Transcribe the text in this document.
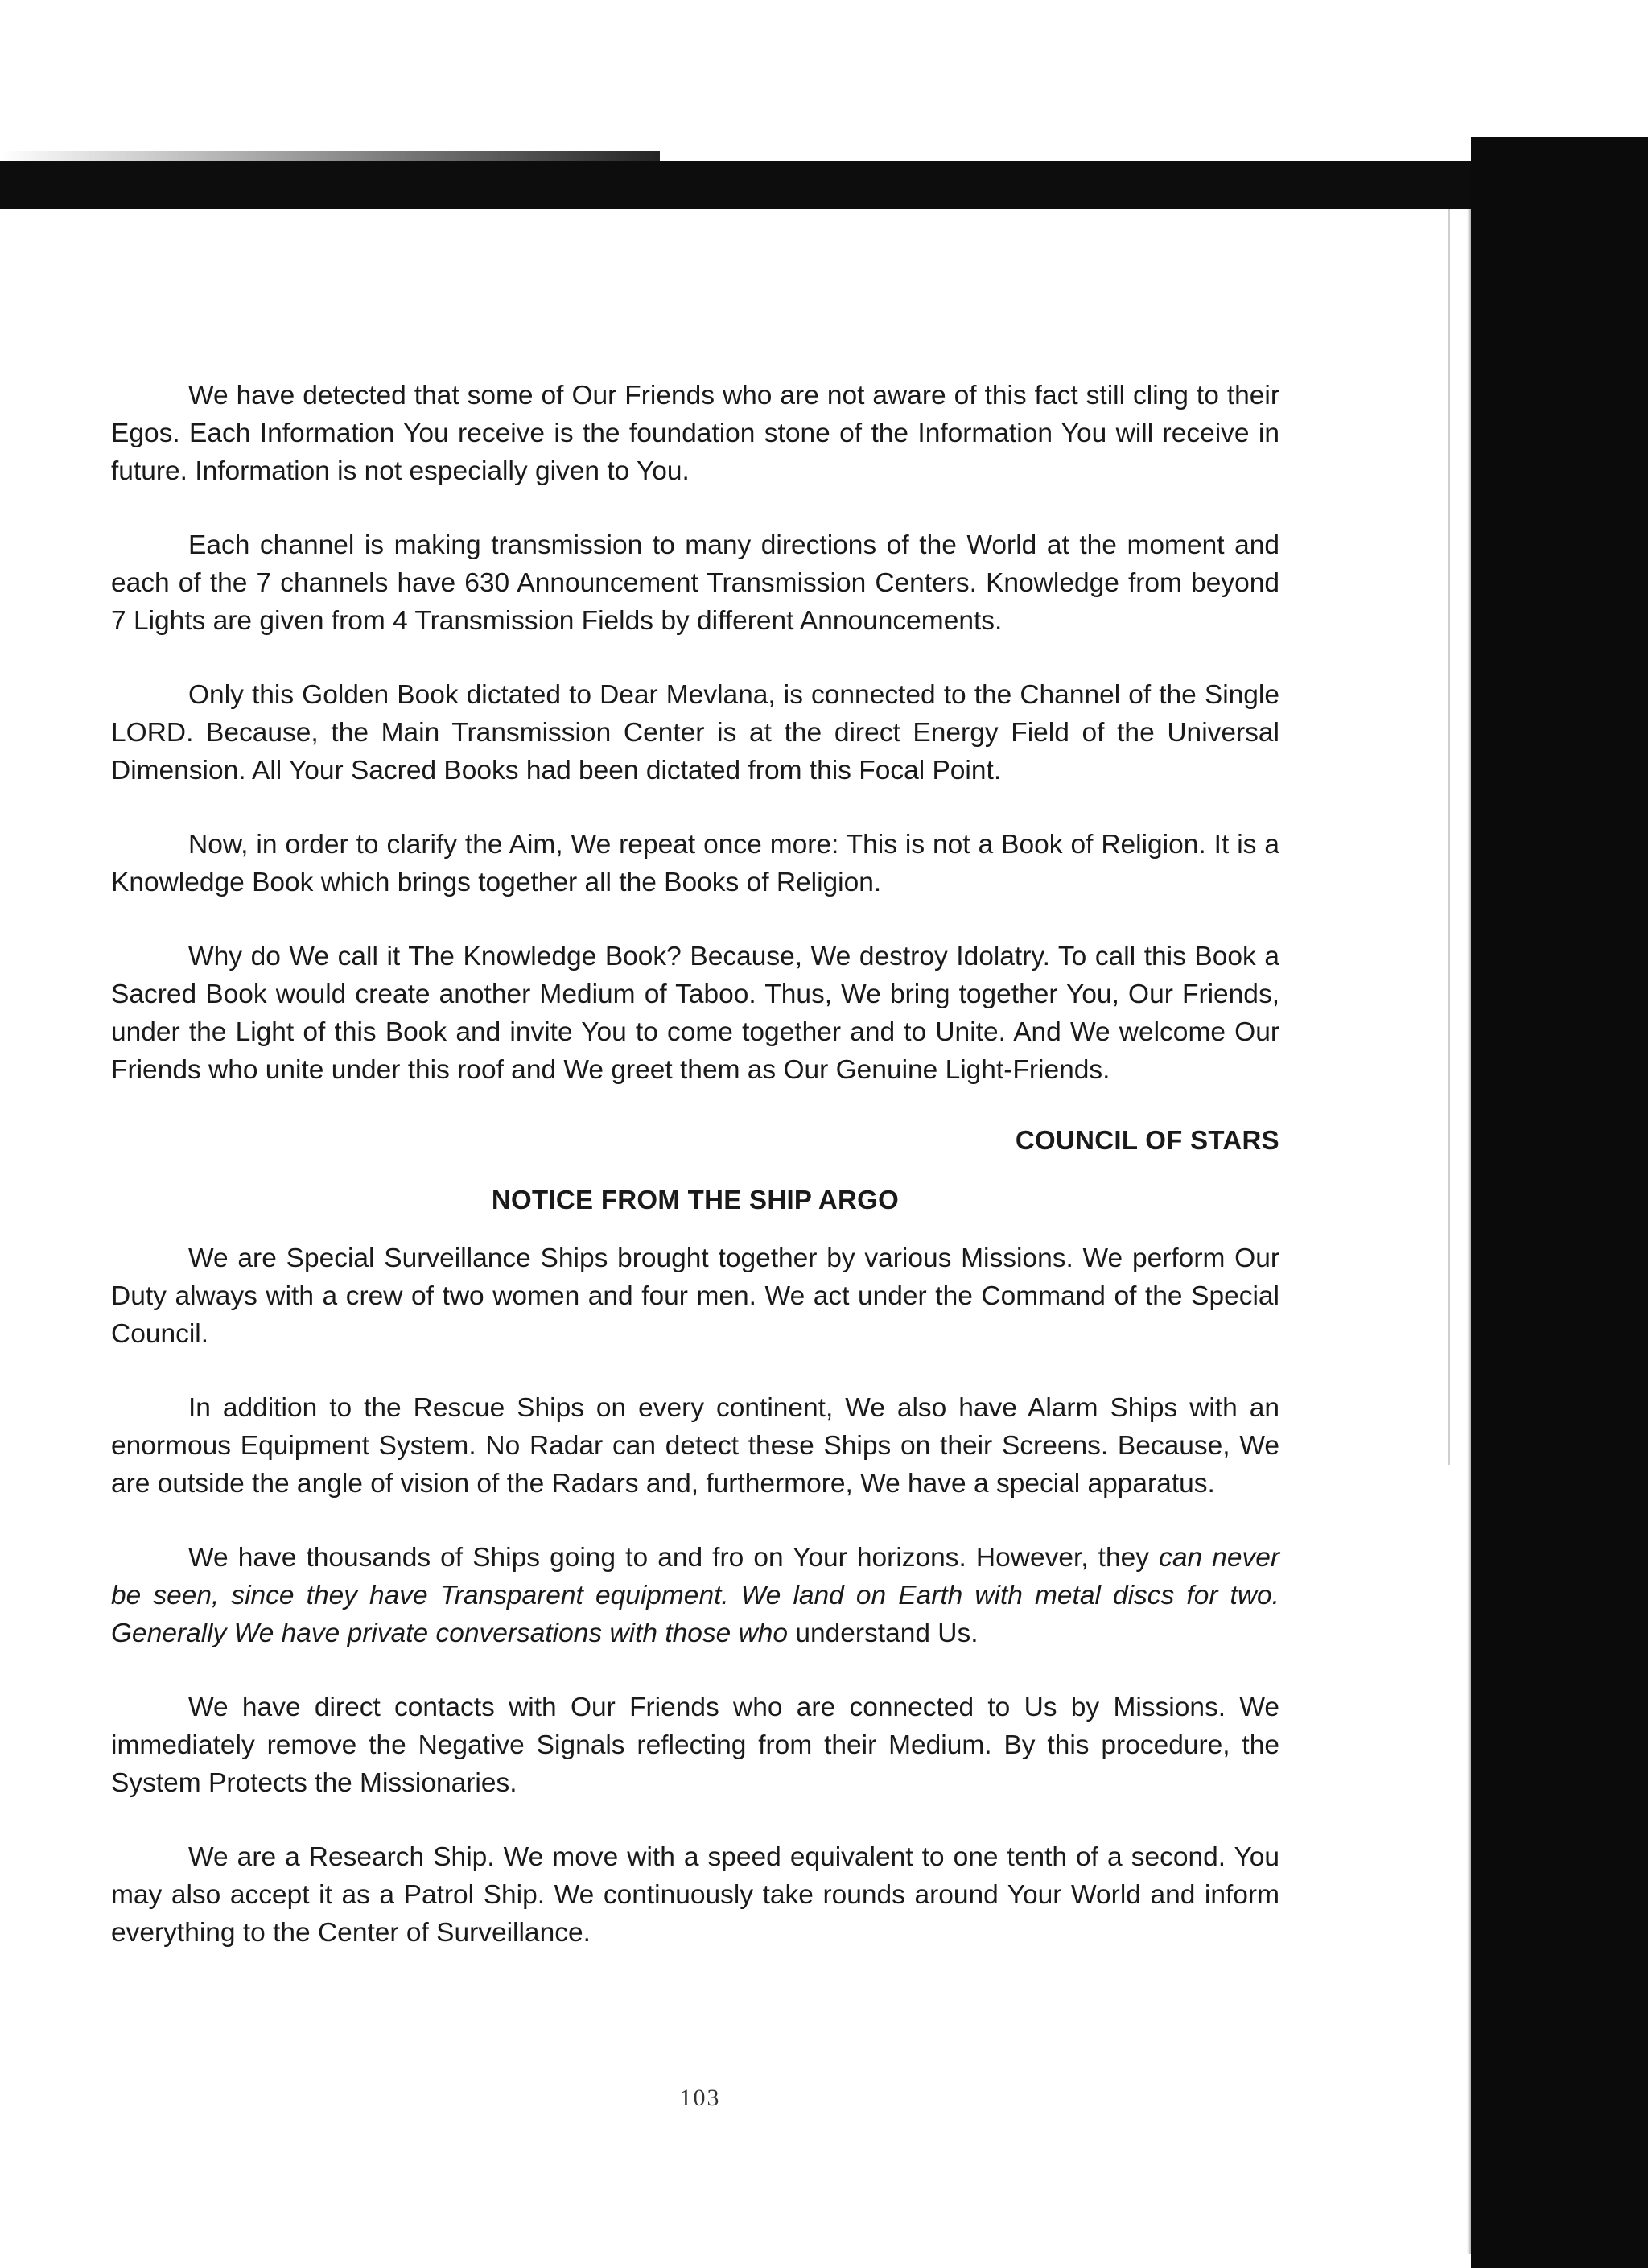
We have detected that some of Our Friends who are not aware of this fact still cling to their Egos. Each Information You receive is the foundation stone of the Information You will receive in future. Information is not especially given to You.

Each channel is making transmission to many directions of the World at the moment and each of the 7 channels have 630 Announcement Transmission Centers. Knowledge from beyond 7 Lights are given from 4 Transmission Fields by different Announcements.

Only this Golden Book dictated to Dear Mevlana, is connected to the Channel of the Single LORD. Because, the Main Transmission Center is at the direct Energy Field of the Universal Dimension. All Your Sacred Books had been dictated from this Focal Point.

Now, in order to clarify the Aim, We repeat once more: This is not a Book of Religion. It is a Knowledge Book which brings together all the Books of Religion.

Why do We call it The Knowledge Book? Because, We destroy Idolatry. To call this Book a Sacred Book would create another Medium of Taboo. Thus, We bring together You, Our Friends, under the Light of this Book and invite You to come together and to Unite. And We welcome Our Friends who unite under this roof and We greet them as Our Genuine Light-Friends.

COUNCIL OF STARS
NOTICE FROM THE SHIP ARGO

We are Special Surveillance Ships brought together by various Missions. We perform Our Duty always with a crew of two women and four men. We act under the Command of the Special Council.

In addition to the Rescue Ships on every continent, We also have Alarm Ships with an enormous Equipment System. No Radar can detect these Ships on their Screens. Because, We are outside the angle of vision of the Radars and, furthermore, We have a special apparatus.

We have thousands of Ships going to and fro on Your horizons. However, they can never be seen, since they have Transparent equipment. We land on Earth with metal discs for two. Generally We have private conversations with those who understand Us.

We have direct contacts with Our Friends who are connected to Us by Missions. We immediately remove the Negative Signals reflecting from their Medium. By this procedure, the System Protects the Missionaries.

We are a Research Ship. We move with a speed equivalent to one tenth of a second. You may also accept it as a Patrol Ship. We continuously take rounds around Your World and inform everything to the Center of Surveillance.

103
